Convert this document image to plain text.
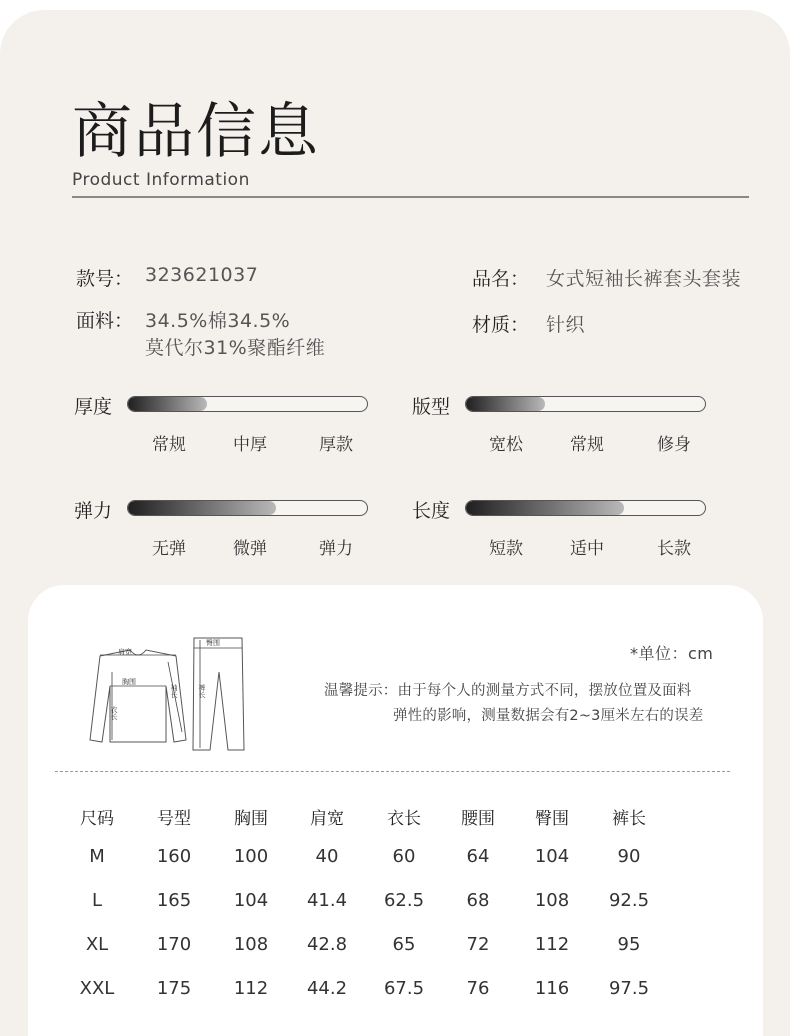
商品信息
Product Information
款号： 323621037	品名： 女式短袖长裤套头套装
面料： 34.5%棉34.5%
莫代尔31%聚酯纤维
材质： 针织
厚度
常规	中厚	厚款
版型
宽松	常规	修身
弹力
无弹	微弹	弹力
长度
短款	适中	长款
肩宽
胸围
衣长
袖长
臀围
裤长
*单位：cm
温馨提示：由于每个人的测量方式不同，摆放位置及面料
弹性的影响，测量数据会有2~3厘米左右的误差
尺码	号型	胸围	肩宽	衣长	腰围	臀围	裤长
M	160	100	40	60	64	104	90
L	165	104	41.4	62.5	68	108	92.5
XL	170	108	42.8	65	72	112	95
XXL	175	112	44.2	67.5	76	116	97.5
